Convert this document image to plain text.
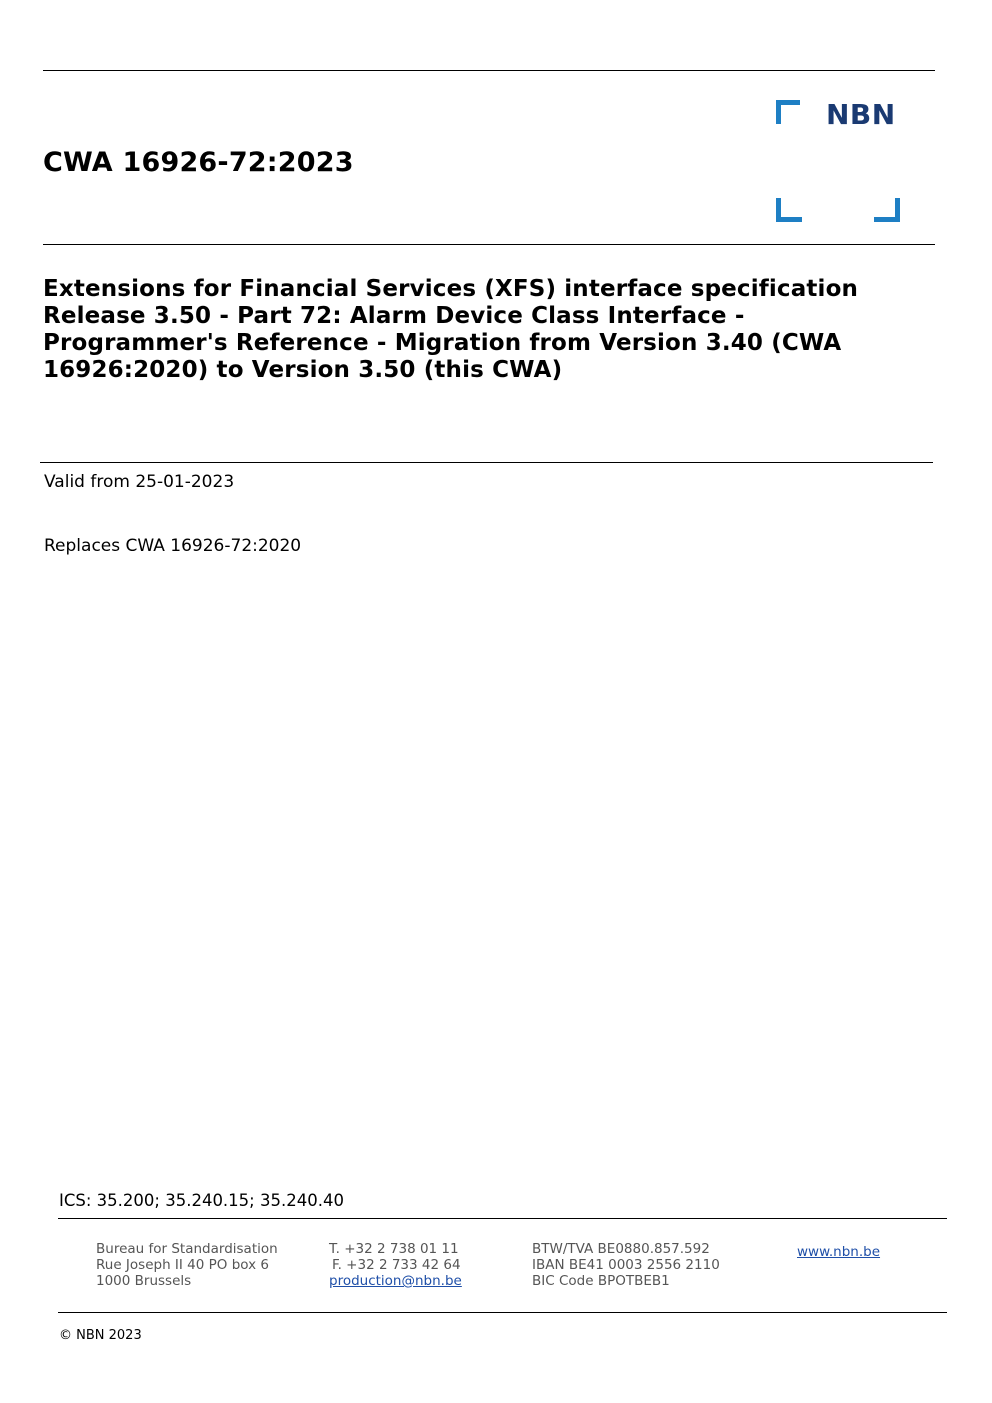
CWA 16926-72:2023
NBN
Extensions for Financial Services (XFS) interface specification
Release 3.50 - Part 72: Alarm Device Class Interface -
Programmer's Reference - Migration from Version 3.40 (CWA
16926:2020) to Version 3.50 (this CWA)
Valid from 25-01-2023
Replaces CWA 16926-72:2020
ICS: 35.200; 35.240.15; 35.240.40
Bureau for Standardisation
Rue Joseph II 40 PO box 6
1000 Brussels
T. +32 2 738 01 11
F. +32 2 733 42 64
production@nbn.be
BTW/TVA BE0880.857.592
IBAN BE41 0003 2556 2110
BIC Code BPOTBEB1
www.nbn.be
© NBN 2023
